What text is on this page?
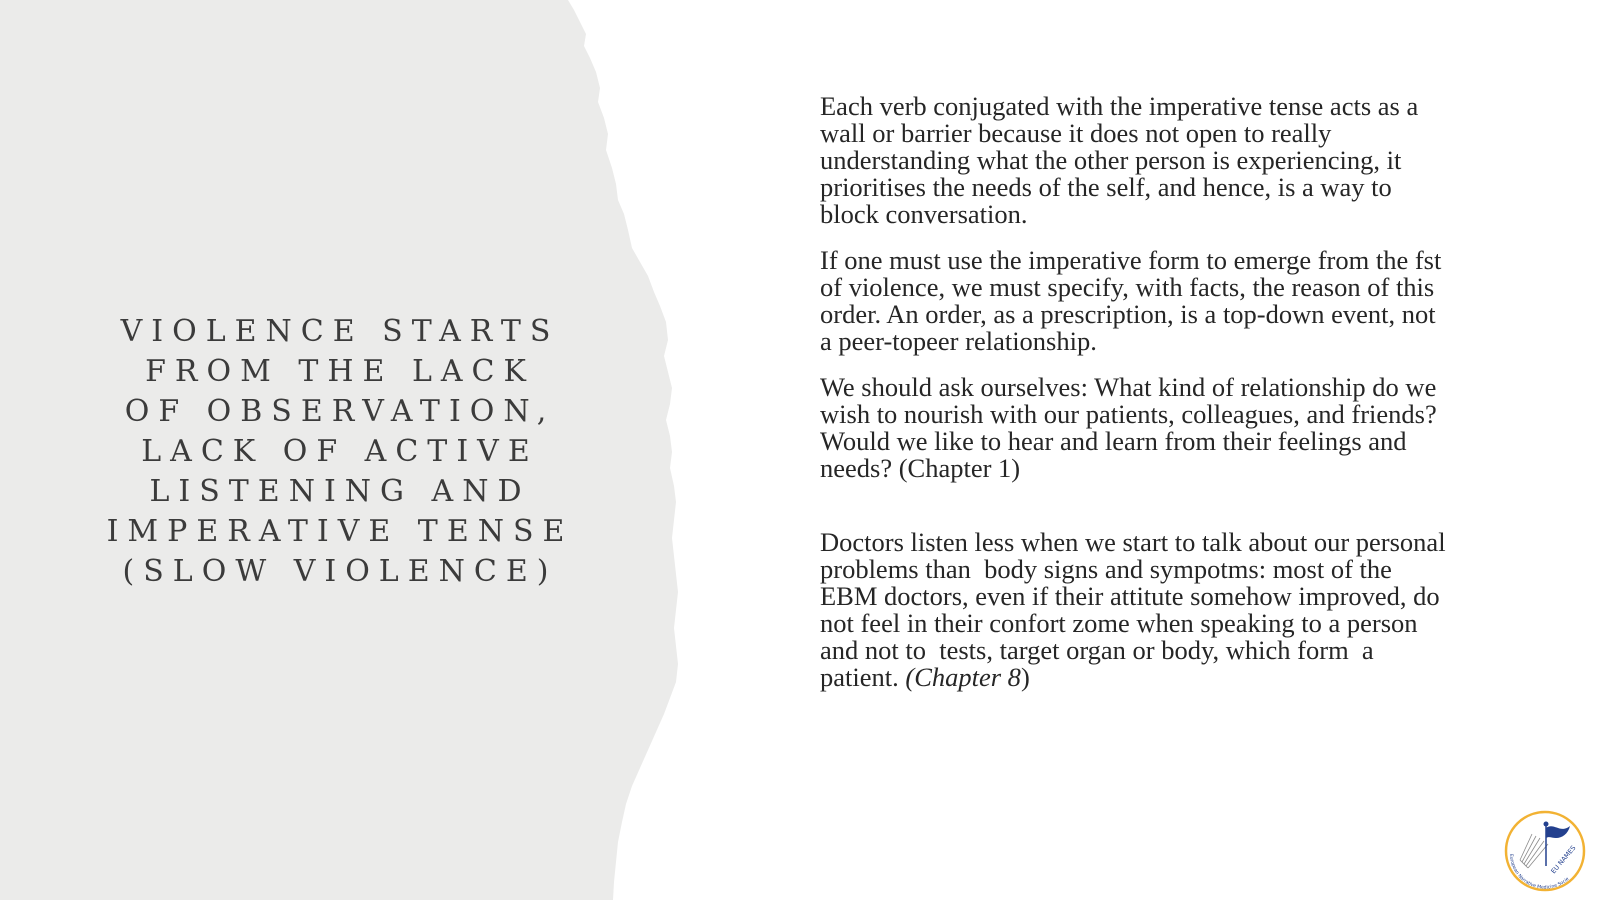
VIOLENCE STARTS
FROM THE LACK
OF OBSERVATION,
LACK OF ACTIVE
LISTENING AND
IMPERATIVE TENSE
(SLOW VIOLENCE)

Each verb conjugated with the imperative tense acts as a wall or barrier because it does not open to really understanding what the other person is experiencing, it prioritises the needs of the self, and hence, is a way to block conversation.

If one must use the imperative form to emerge from the fst of violence, we must specify, with facts, the reason of this order. An order, as a prescription, is a top-down event, not a peer-topeer relationship.

We should ask ourselves: What kind of relationship do we wish to nourish with our patients, colleagues, and friends? Would we like to hear and learn from their feelings and needs? (Chapter 1)

Doctors listen less when we start to talk about our personal problems than  body signs and sympotms: most of the EBM doctors, even if their attitute somehow improved, do not feel in their confort zome when speaking to a person and not to  tests, target organ or body, which form  a patient. (Chapter 8)

EU NAMES
European Narrative Medicine Socie
